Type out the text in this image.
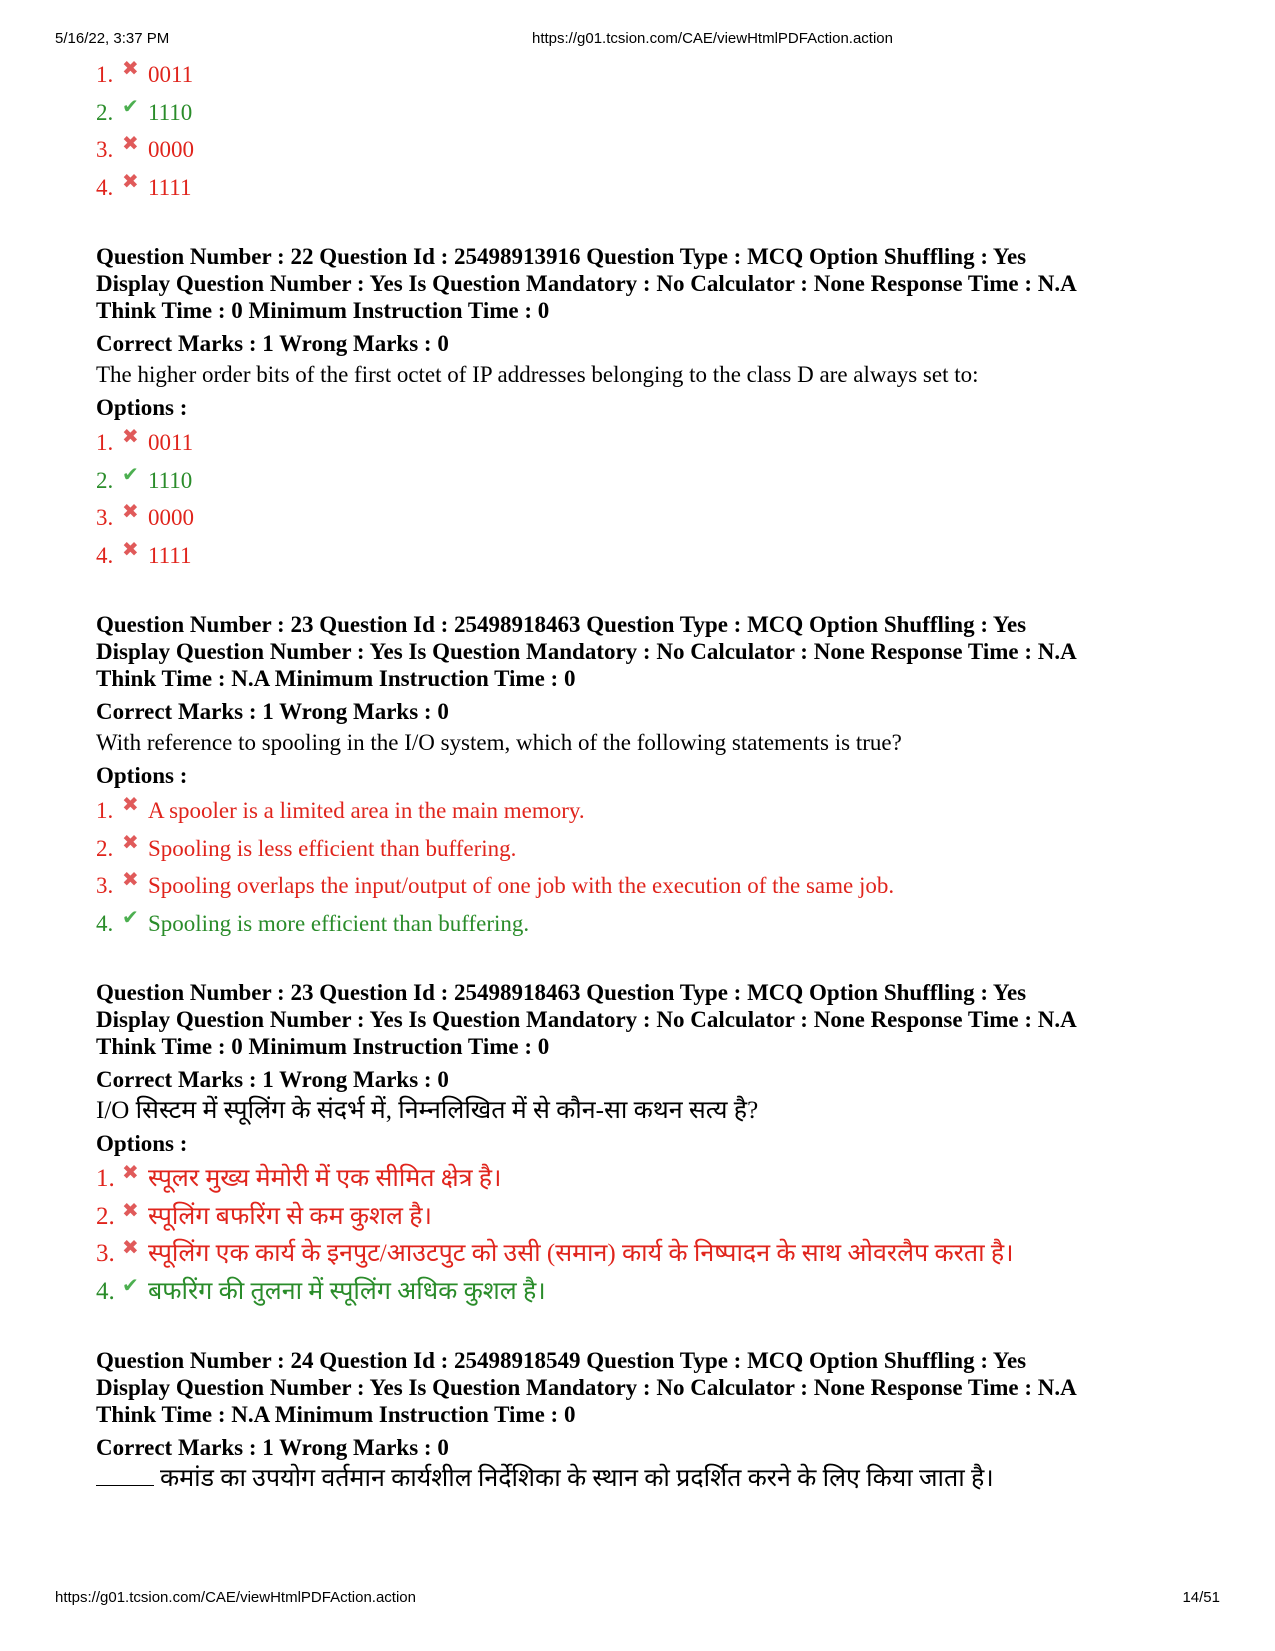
5/16/22, 3:37 PM	https://g01.tcsion.com/CAE/viewHtmlPDFAction.action
1. ✖ 0011
2. ✔ 1110
3. ✖ 0000
4. ✖ 1111
Question Number : 22 Question Id : 25498913916 Question Type : MCQ Option Shuffling : Yes
Display Question Number : Yes Is Question Mandatory : No Calculator : None Response Time : N.A
Think Time : 0 Minimum Instruction Time : 0
Correct Marks : 1 Wrong Marks : 0
The higher order bits of the first octet of IP addresses belonging to the class D are always set to:
Options :
1. ✖ 0011
2. ✔ 1110
3. ✖ 0000
4. ✖ 1111
Question Number : 23 Question Id : 25498918463 Question Type : MCQ Option Shuffling : Yes
Display Question Number : Yes Is Question Mandatory : No Calculator : None Response Time : N.A
Think Time : N.A Minimum Instruction Time : 0
Correct Marks : 1 Wrong Marks : 0
With reference to spooling in the I/O system, which of the following statements is true?
Options :
1. ✖ A spooler is a limited area in the main memory.
2. ✖ Spooling is less efficient than buffering.
3. ✖ Spooling overlaps the input/output of one job with the execution of the same job.
4. ✔ Spooling is more efficient than buffering.
Question Number : 23 Question Id : 25498918463 Question Type : MCQ Option Shuffling : Yes
Display Question Number : Yes Is Question Mandatory : No Calculator : None Response Time : N.A
Think Time : 0 Minimum Instruction Time : 0
Correct Marks : 1 Wrong Marks : 0
I/O सिस्टम में स्पूलिंग के संदर्भ में, निम्नलिखित में से कौन-सा कथन सत्य है?
Options :
1. ✖ स्पूलर मुख्य मेमोरी में एक सीमित क्षेत्र है।
2. ✖ स्पूलिंग बफरिंग से कम कुशल है।
3. ✖ स्पूलिंग एक कार्य के इनपुट/आउटपुट को उसी (समान) कार्य के निष्पादन के साथ ओवरलैप करता है।
4. ✔ बफरिंग की तुलना में स्पूलिंग अधिक कुशल है।
Question Number : 24 Question Id : 25498918549 Question Type : MCQ Option Shuffling : Yes
Display Question Number : Yes Is Question Mandatory : No Calculator : None Response Time : N.A
Think Time : N.A Minimum Instruction Time : 0
Correct Marks : 1 Wrong Marks : 0
कमांड का उपयोग वर्तमान कार्यशील निर्देशिका के स्थान को प्रदर्शित करने के लिए किया जाता है।
https://g01.tcsion.com/CAE/viewHtmlPDFAction.action	14/51
